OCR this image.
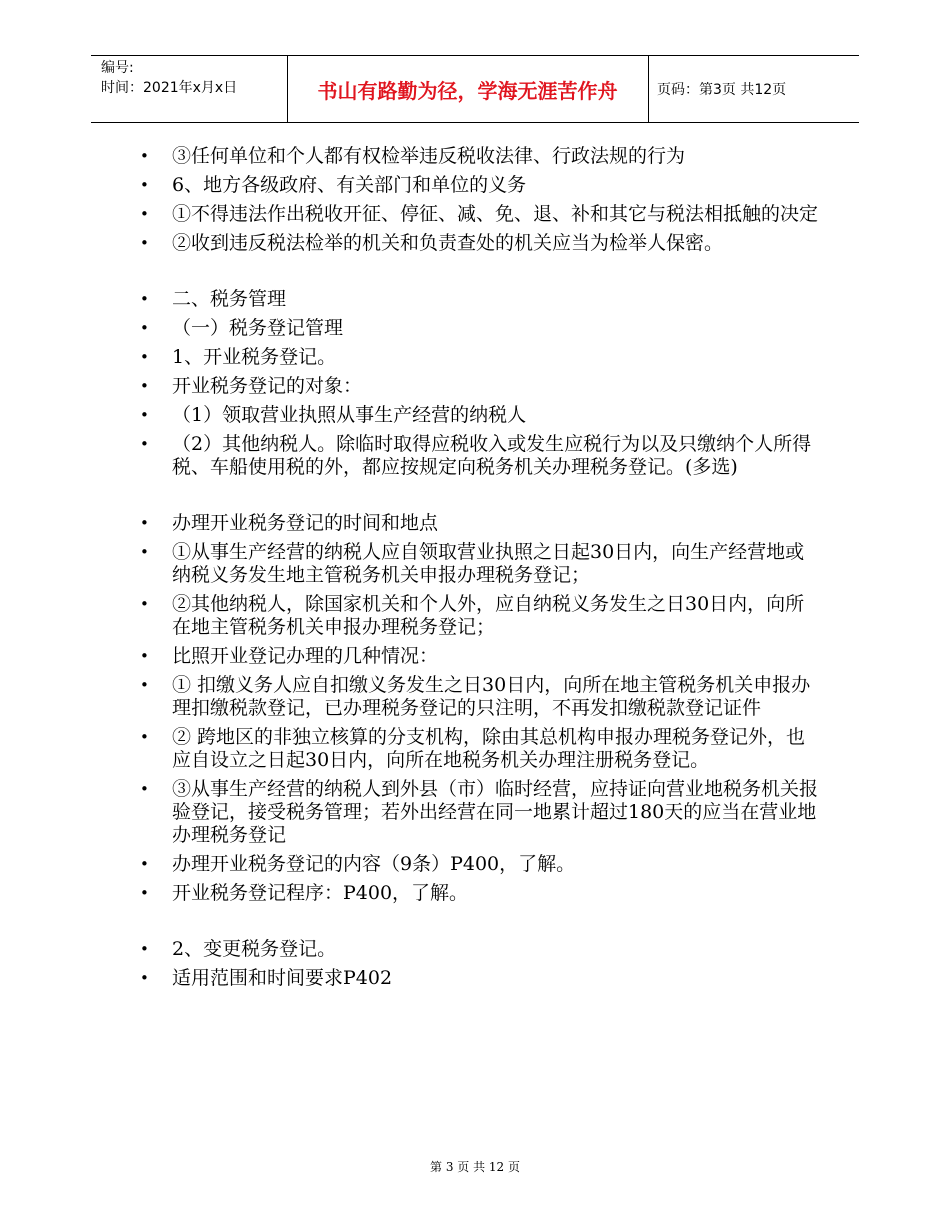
编号:
时间：2021年x月x日	书山有路勤为径，学海无涯苦作舟	页码：第3页 共12页
• ③任何单位和个人都有权检举违反税收法律、行政法规的行为
• 6、地方各级政府、有关部门和单位的义务
• ①不得违法作出税收开征、停征、减、免、退、补和其它与税法相抵触的决定
• ②收到违反税法检举的机关和负责查处的机关应当为检举人保密。
• 二、税务管理
• （一）税务登记管理
• 1、开业税务登记。
• 开业税务登记的对象：
• （1）领取营业执照从事生产经营的纳税人
• （2）其他纳税人。除临时取得应税收入或发生应税行为以及只缴纳个人所得税、车船使用税的外，都应按规定向税务机关办理税务登记。(多选)
• 办理开业税务登记的时间和地点
• ①从事生产经营的纳税人应自领取营业执照之日起30日内，向生产经营地或纳税义务发生地主管税务机关申报办理税务登记；
• ②其他纳税人，除国家机关和个人外，应自纳税义务发生之日30日内，向所在地主管税务机关申报办理税务登记；
• 比照开业登记办理的几种情况：
• ① 扣缴义务人应自扣缴义务发生之日30日内，向所在地主管税务机关申报办理扣缴税款登记，已办理税务登记的只注明，不再发扣缴税款登记证件
• ② 跨地区的非独立核算的分支机构，除由其总机构申报办理税务登记外，也应自设立之日起30日内，向所在地税务机关办理注册税务登记。
• ③从事生产经营的纳税人到外县（市）临时经营，应持证向营业地税务机关报验登记，接受税务管理；若外出经营在同一地累计超过180天的应当在营业地办理税务登记
• 办理开业税务登记的内容（9条）P400，了解。
• 开业税务登记程序：P400，了解。
• 2、变更税务登记。
• 适用范围和时间要求P402
第 3 页 共 12 页
